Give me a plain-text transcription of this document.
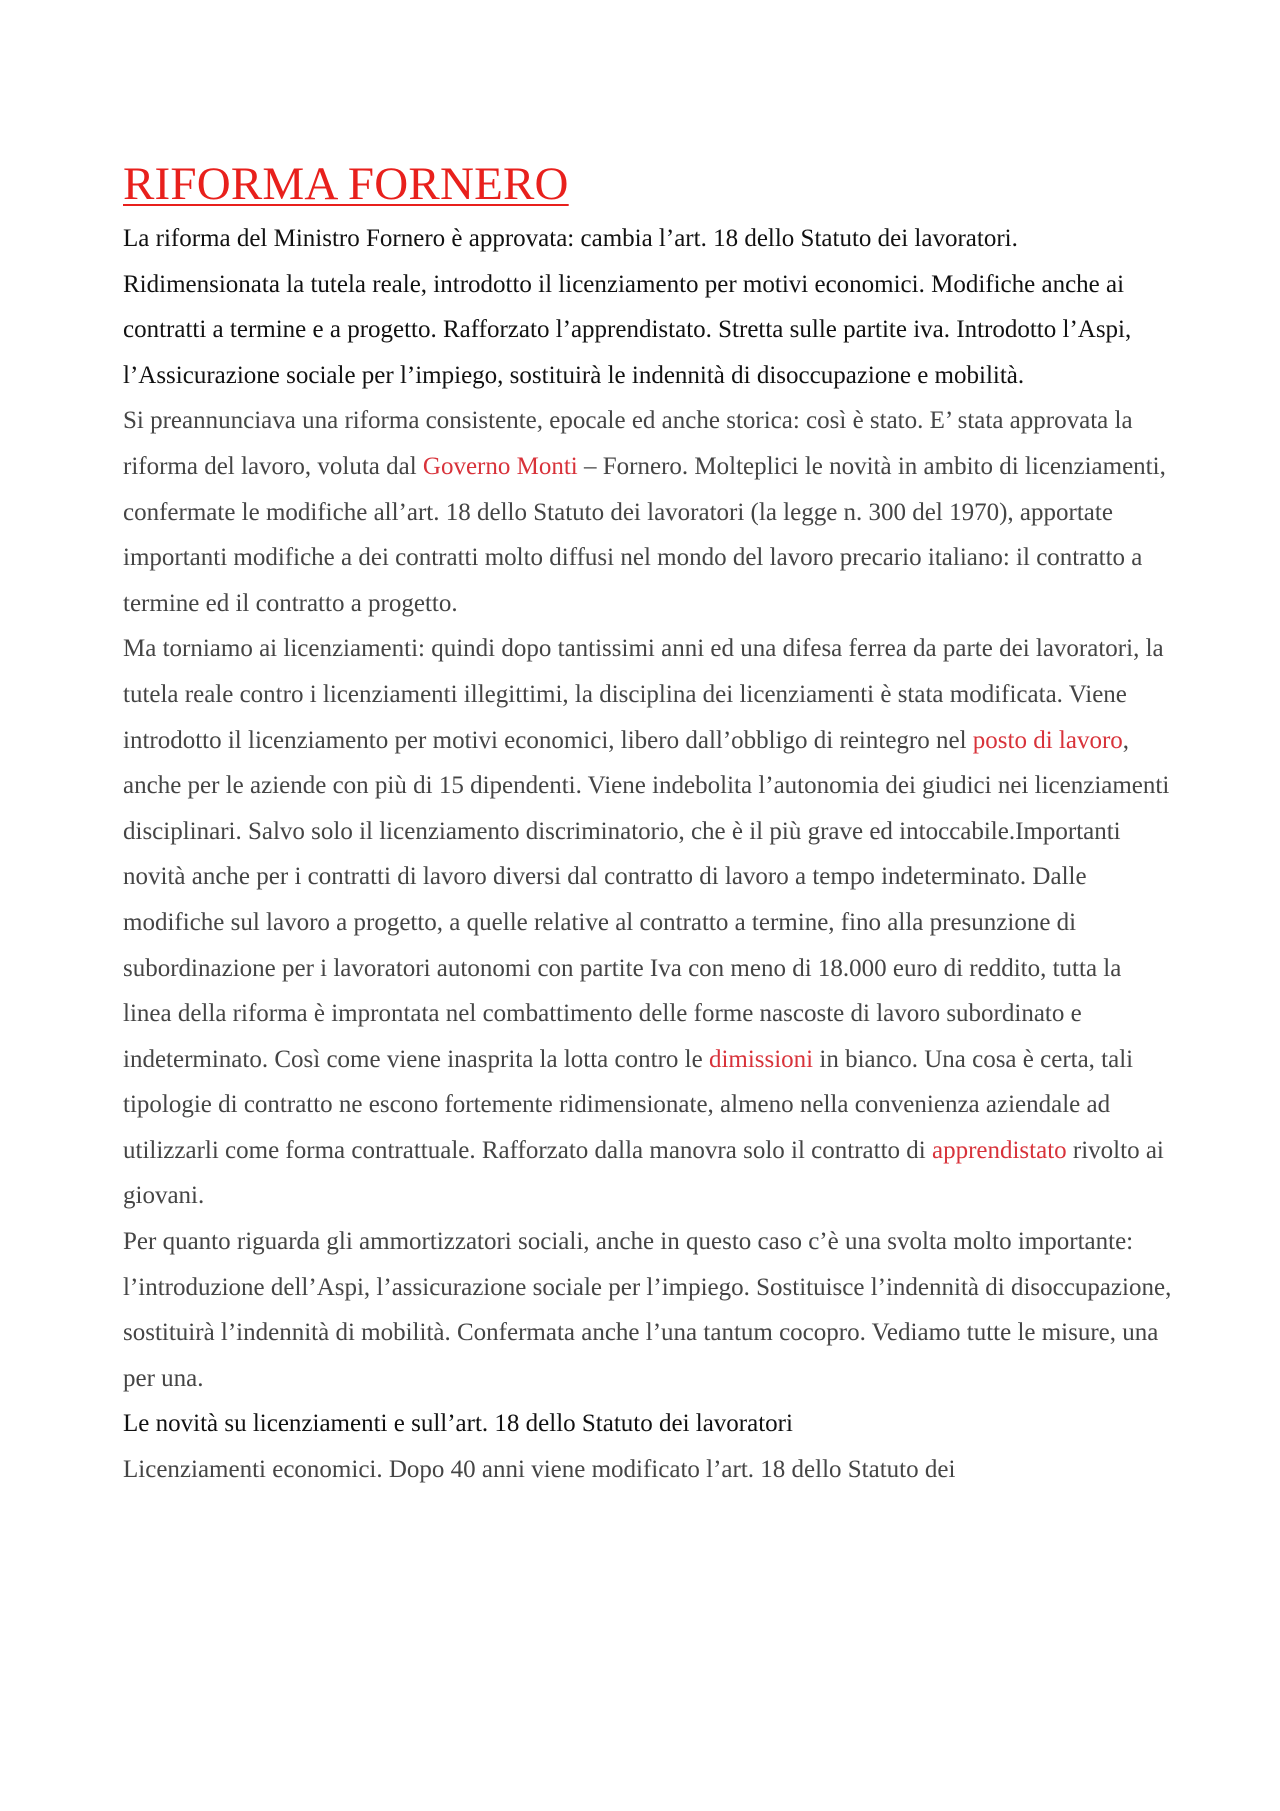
RIFORMA FORNERO

La riforma del Ministro Fornero è approvata: cambia l’art. 18 dello Statuto dei lavoratori. Ridimensionata la tutela reale, introdotto il licenziamento per motivi economici. Modifiche anche ai contratti a termine e a progetto. Rafforzato l’apprendistato. Stretta sulle partite iva. Introdotto l’Aspi, l’Assicurazione sociale per l’impiego, sostituirà le indennità di disoccupazione e mobilità.

Si preannunciava una riforma consistente, epocale ed anche storica: così è stato. E’ stata approvata la riforma del lavoro, voluta dal Governo Monti – Fornero. Molteplici le novità in ambito di licenziamenti, confermate le modifiche all’art. 18 dello Statuto dei lavoratori (la legge n. 300 del 1970), apportate importanti modifiche a dei contratti molto diffusi nel mondo del lavoro precario italiano: il contratto a termine ed il contratto a progetto.

Ma torniamo ai licenziamenti: quindi dopo tantissimi anni ed una difesa ferrea da parte dei lavoratori, la tutela reale contro i licenziamenti illegittimi, la disciplina dei licenziamenti è stata modificata. Viene introdotto il licenziamento per motivi economici, libero dall’obbligo di reintegro nel posto di lavoro, anche per le aziende con più di 15 dipendenti. Viene indebolita l’autonomia dei giudici nei licenziamenti disciplinari. Salvo solo il licenziamento discriminatorio, che è il più grave ed intoccabile.Importanti novità anche per i contratti di lavoro diversi dal contratto di lavoro a tempo indeterminato. Dalle modifiche sul lavoro a progetto, a quelle relative al contratto a termine, fino alla presunzione di subordinazione per i lavoratori autonomi con partite Iva con meno di 18.000 euro di reddito, tutta la linea della riforma è improntata nel combattimento delle forme nascoste di lavoro subordinato e indeterminato. Così come viene inasprita la lotta contro le dimissioni in bianco. Una cosa è certa, tali tipologie di contratto ne escono fortemente ridimensionate, almeno nella convenienza aziendale ad utilizzarli come forma contrattuale. Rafforzato dalla manovra solo il contratto di apprendistato rivolto ai giovani.

Per quanto riguarda gli ammortizzatori sociali, anche in questo caso c’è una svolta molto importante: l’introduzione dell’Aspi, l’assicurazione sociale per l’impiego. Sostituisce l’indennità di disoccupazione, sostituirà l’indennità di mobilità. Confermata anche l’una tantum cocopro. Vediamo tutte le misure, una per una.

Le novità su licenziamenti e sull’art. 18 dello Statuto dei lavoratori

Licenziamenti economici. Dopo 40 anni viene modificato l’art. 18 dello Statuto dei
